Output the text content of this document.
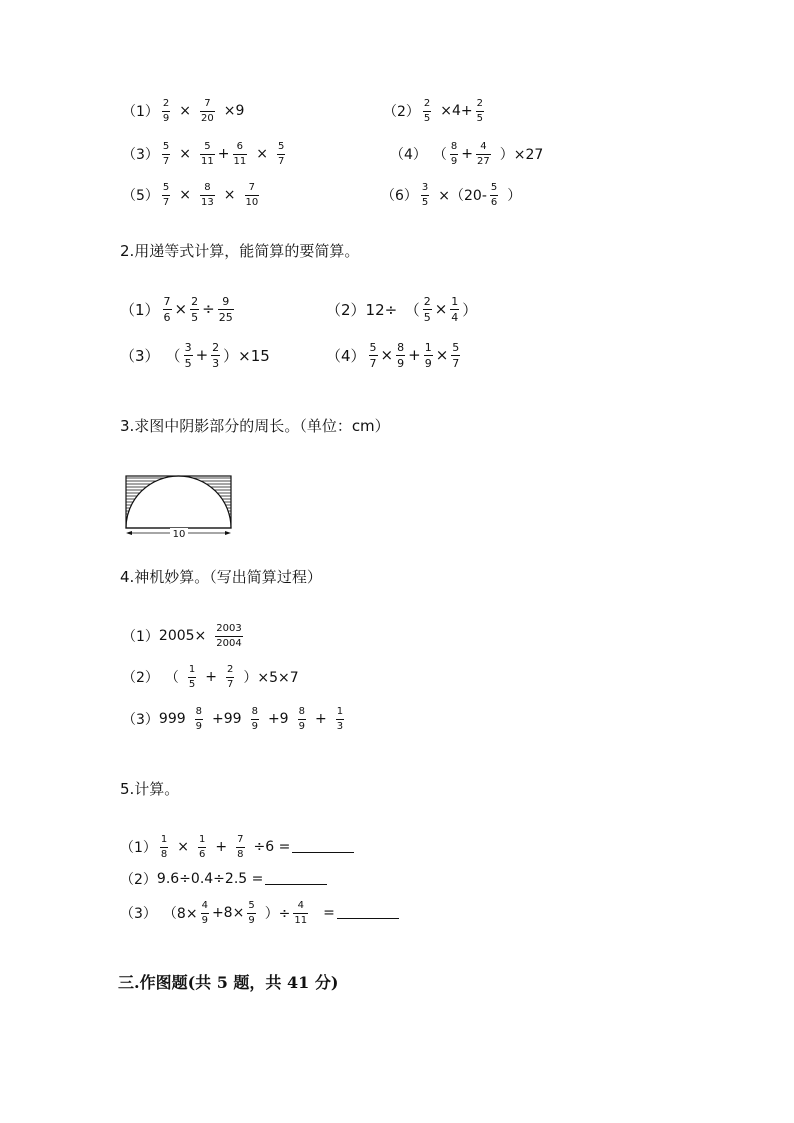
$(1) \frac{2}{9} \times \frac{7}{20} \times 9$	$(2) \frac{2}{5} \times 4+ \frac{2}{5}$
$(3) \frac{5}{7} \times \frac{5}{11} + \frac{6}{11} \times \frac{5}{7}$	（4） （ $\frac{8}{9} + \frac{4}{27} )\times 27$
$(5) \frac{5}{7} \times \frac{8}{13} \times \frac{7}{10}$	$(6) \frac{3}{5} \times(20- \frac{5}{6}$ ）
2.用递等式计算，能简算的要简算。
$(1) \frac{7}{6} \times \frac{2}{5} \div \frac{9}{25}$	（2） 12÷　（ $\frac{2}{5} \times \frac{1}{4}$ ）
（3） （ $\frac{3}{5} + \frac{2}{3} )\times 15$	$(4) \frac{5}{7} \times \frac{8}{9} + \frac{1}{9} \times \frac{5}{7}$
3.求图中阴影部分的周长。（单位：cm）
10
4.神机妙算。（写出简算过程）
（1） $2005\times \frac{2003}{2004}$
（2） （ $\frac{1}{5} + \frac{2}{7} )\times 5\times 7$
（3） $999 \frac{8}{9} +99 \frac{8}{9} +9 \frac{8}{9} + \frac{1}{3}$
5.计算。
$(1) \frac{1}{8} \times \frac{1}{6} + \frac{7}{8} \div 6$ =
（2） 9.6÷0.4÷2.5 =
（3） （$8\times \frac{4}{9} +8\times \frac{5}{9}$ ）÷ $\frac{4}{11}$ =
三.作图题(共 5 题，共 41 分)
